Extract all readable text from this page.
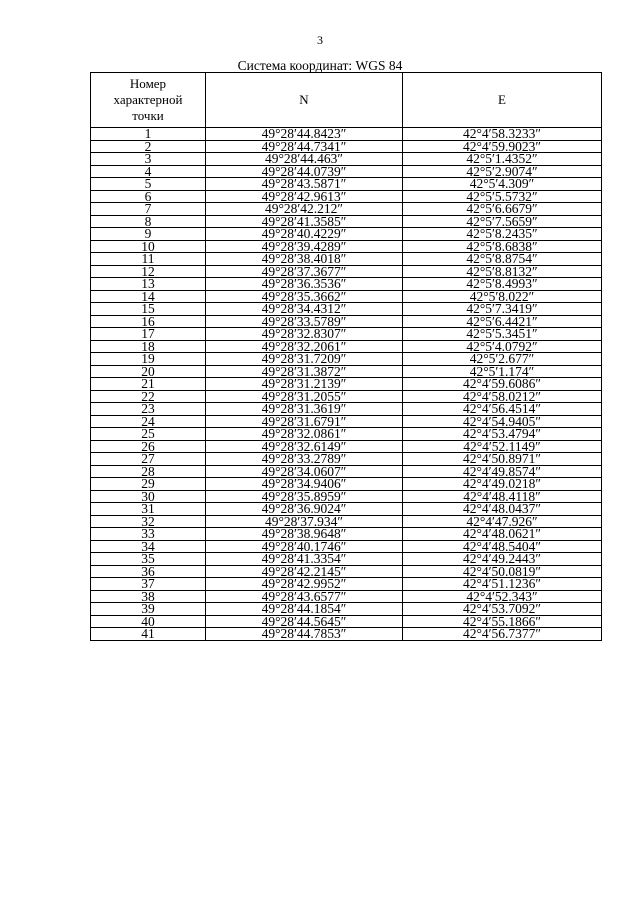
3
Система координат: WGS 84
Номер
характерной
точки	N	E
1	49°28′44.8423″	42°4′58.3233″
2	49°28′44.7341″	42°4′59.9023″
3	49°28′44.463″	42°5′1.4352″
4	49°28′44.0739″	42°5′2.9074″
5	49°28′43.5871″	42°5′4.309″
6	49°28′42.9613″	42°5′5.5732″
7	49°28′42.212″	42°5′6.6679″
8	49°28′41.3585″	42°5′7.5659″
9	49°28′40.4229″	42°5′8.2435″
10	49°28′39.4289″	42°5′8.6838″
11	49°28′38.4018″	42°5′8.8754″
12	49°28′37.3677″	42°5′8.8132″
13	49°28′36.3536″	42°5′8.4993″
14	49°28′35.3662″	42°5′8.022″
15	49°28′34.4312″	42°5′7.3419″
16	49°28′33.5789″	42°5′6.4421″
17	49°28′32.8307″	42°5′5.3451″
18	49°28′32.2061″	42°5′4.0792″
19	49°28′31.7209″	42°5′2.677″
20	49°28′31.3872″	42°5′1.174″
21	49°28′31.2139″	42°4′59.6086″
22	49°28′31.2055″	42°4′58.0212″
23	49°28′31.3619″	42°4′56.4514″
24	49°28′31.6791″	42°4′54.9405″
25	49°28′32.0861″	42°4′53.4794″
26	49°28′32.6149″	42°4′52.1149″
27	49°28′33.2789″	42°4′50.8971″
28	49°28′34.0607″	42°4′49.8574″
29	49°28′34.9406″	42°4′49.0218″
30	49°28′35.8959″	42°4′48.4118″
31	49°28′36.9024″	42°4′48.0437″
32	49°28′37.934″	42°4′47.926″
33	49°28′38.9648″	42°4′48.0621″
34	49°28′40.1746″	42°4′48.5404″
35	49°28′41.3354″	42°4′49.2443″
36	49°28′42.2145″	42°4′50.0819″
37	49°28′42.9952″	42°4′51.1236″
38	49°28′43.6577″	42°4′52.343″
39	49°28′44.1854″	42°4′53.7092″
40	49°28′44.5645″	42°4′55.1866″
41	49°28′44.7853″	42°4′56.7377″
